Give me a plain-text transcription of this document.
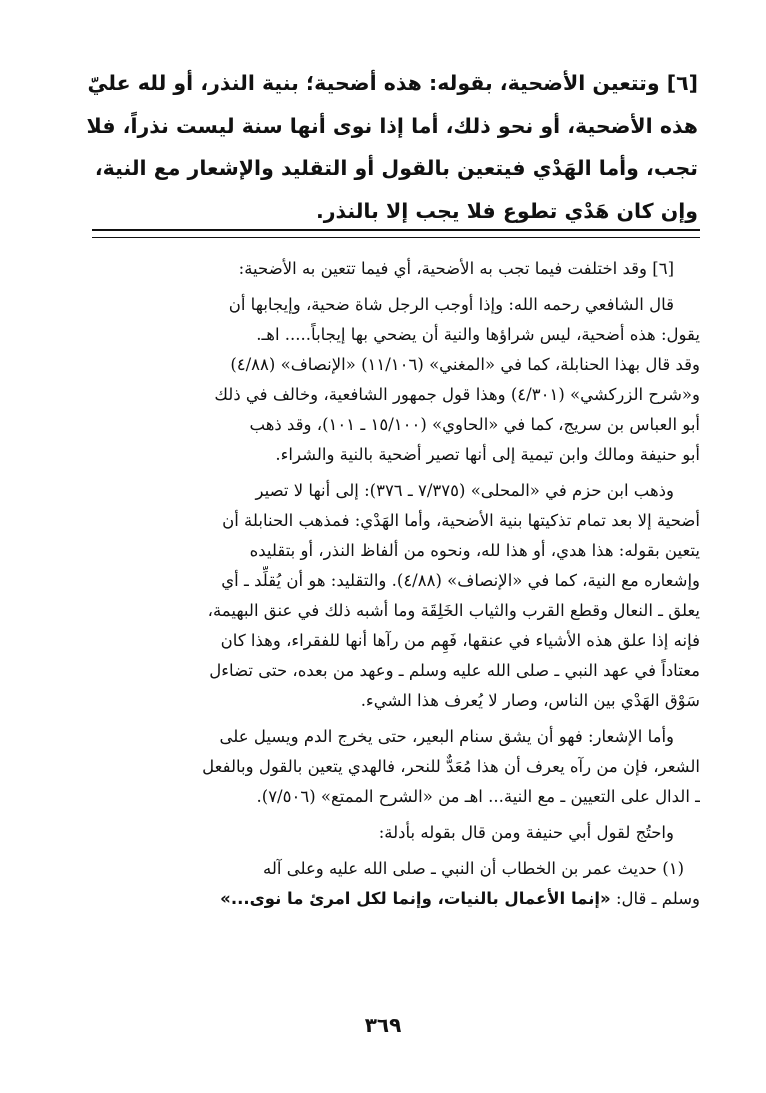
[٦] وتتعين الأضحية، بقوله: هذه أضحية؛ بنية النذر، أو لله عليّ
هذه الأضحية، أو نحو ذلك، أما إذا نوى أنها سنة ليست نذراً، فلا
تجب، وأما الهَدْي فيتعين بالقول أو التقليد والإشعار مع النية،
وإن كان هَدْي تطوع فلا يجب إلا بالنذر.
[٦] وقد اختلفت فيما تجب به الأضحية، أي فيما تتعين به الأضحية:
قال الشافعي رحمه الله: وإذا أوجب الرجل شاة ضحية، وإيجابها أن
يقول: هذه أضحية، ليس شراؤها والنية أن يضحي بها إيجاباً..... اهـ.
وقد قال بهذا الحنابلة، كما في «المغني» (١١/١٠٦) «الإنصاف» (٤/٨٨)
و«شرح الزركشي» (٤/٣٠١) وهذا قول جمهور الشافعية، وخالف في ذلك
أبو العباس بن سريج، كما في «الحاوي» (١٥/١٠٠ ـ ١٠١)، وقد ذهب
أبو حنيفة ومالك وابن تيمية إلى أنها تصير أضحية بالنية والشراء.
وذهب ابن حزم في «المحلى» (٧/٣٧٥ ـ ٣٧٦): إلى أنها لا تصير
أضحية إلا بعد تمام تذكيتها بنية الأضحية، وأما الهَدْي: فمذهب الحنابلة أن
يتعين بقوله: هذا هدي، أو هذا لله، ونحوه من ألفاظ النذر، أو بتقليده
وإشعاره مع النية، كما في «الإنصاف» (٤/٨٨). والتقليد: هو أن يُقلِّد ـ أي
يعلق ـ النعال وقطع القرب والثياب الخَلِقَة وما أشبه ذلك في عنق البهيمة،
فإنه إذا علق هذه الأشياء في عنقها، فَهِم من رآها أنها للفقراء، وهذا كان
معتاداً في عهد النبي ـ صلى الله عليه وسلم ـ وعهد من بعده، حتى تضاءل
سَوْق الهَدْي بين الناس، وصار لا يُعرف هذا الشيء.
وأما الإشعار: فهو أن يشق سنام البعير، حتى يخرج الدم ويسيل على
الشعر، فإن من رآه يعرف أن هذا مُعَدٌّ للنحر، فالهدي يتعين بالقول وبالفعل
ـ الدال على التعيين ـ مع النية... اهـ من «الشرح الممتع» (٧/٥٠٦).
واحتُج لقول أبي حنيفة ومن قال بقوله بأدلة:
(١) حديث عمر بن الخطاب أن النبي ـ صلى الله عليه وعلى آله
وسلم ـ قال: «إنما الأعمال بالنيات، وإنما لكل امرئ ما نوى...»
٣٦٩
